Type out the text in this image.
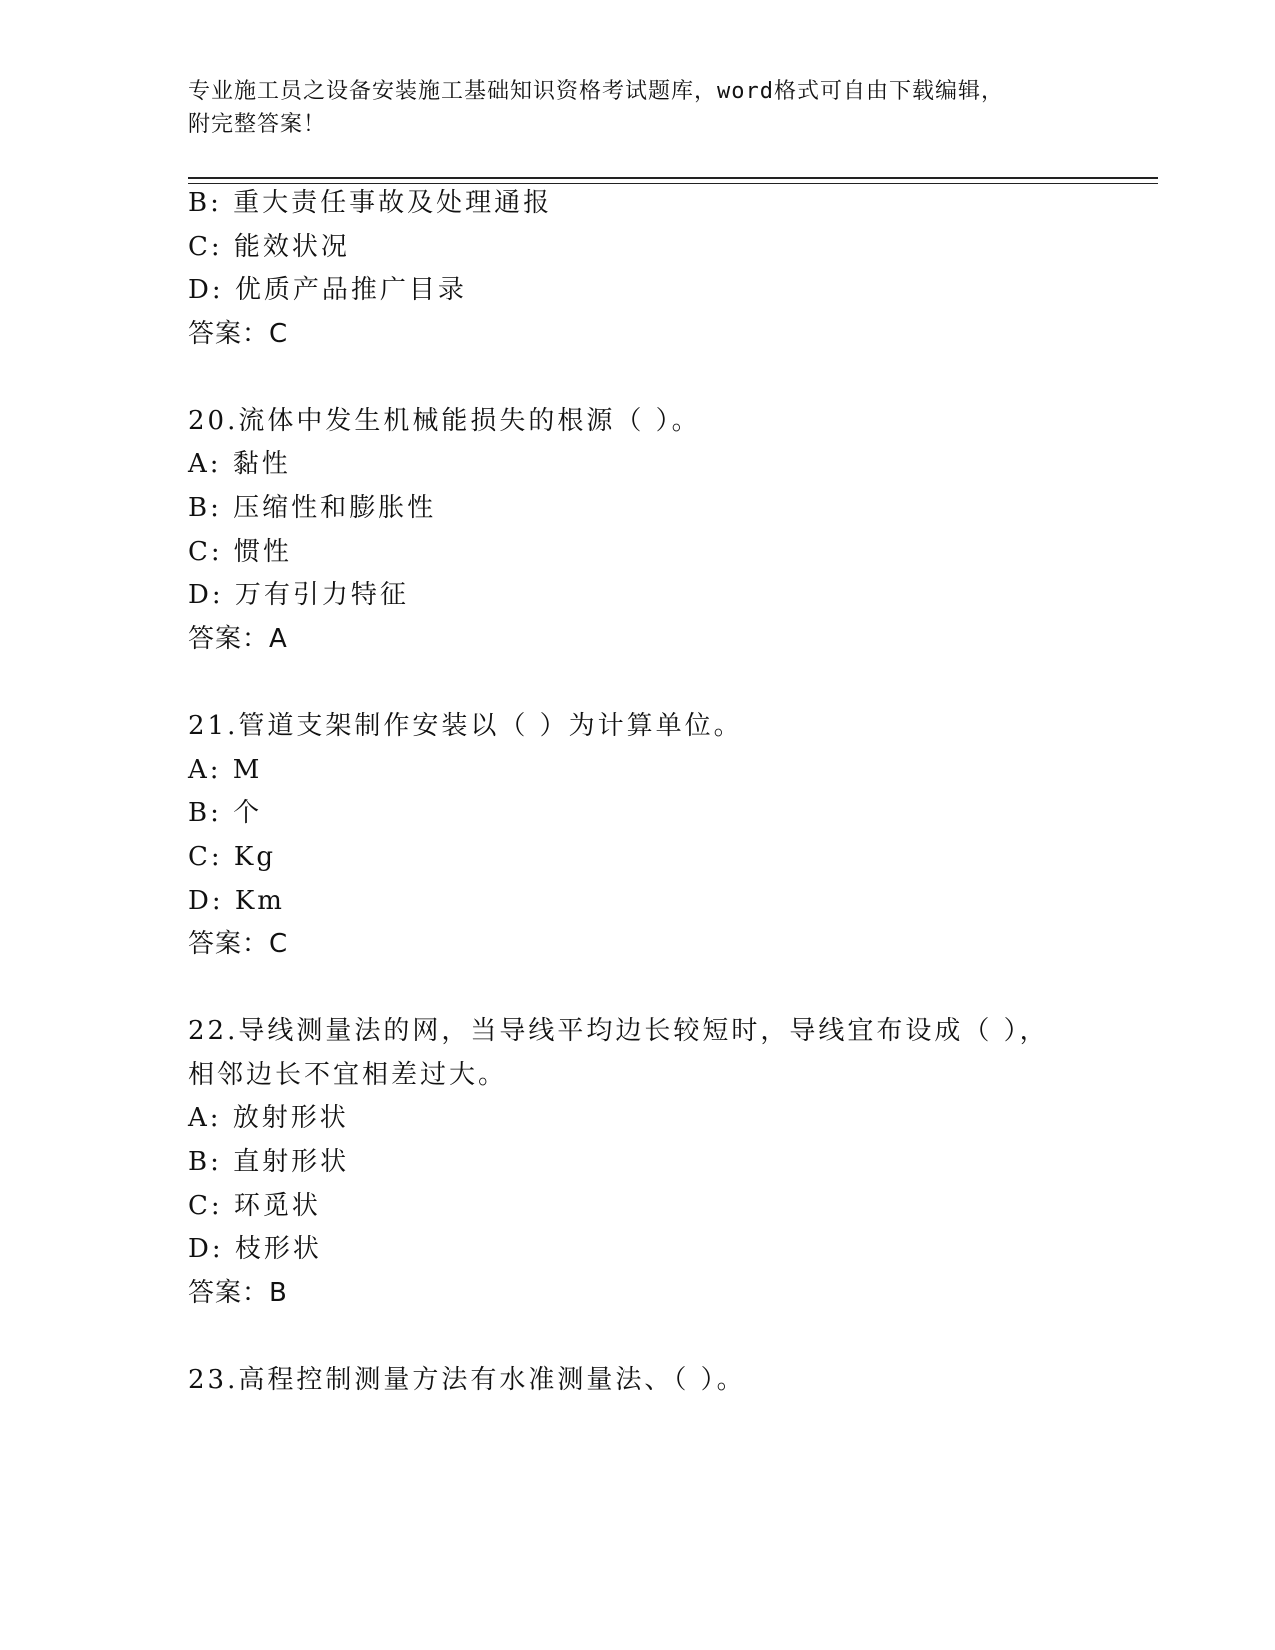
专业施工员之设备安装施工基础知识资格考试题库，word格式可自由下载编辑，
附完整答案！
B: 重大责任事故及处理通报
C: 能效状况
D: 优质产品推广目录
答案：C
20.流体中发生机械能损失的根源（ ）。
A: 黏性
B: 压缩性和膨胀性
C: 惯性
D: 万有引力特征
答案：A
21.管道支架制作安装以（ ）为计算单位。
A: M
B: 个
C: Kg
D: Km
答案：C
22.导线测量法的网，当导线平均边长较短时，导线宜布设成（ ），
相邻边长不宜相差过大。
A: 放射形状
B: 直射形状
C: 环觅状
D: 枝形状
答案：B
23.高程控制测量方法有水准测量法、（ ）。
